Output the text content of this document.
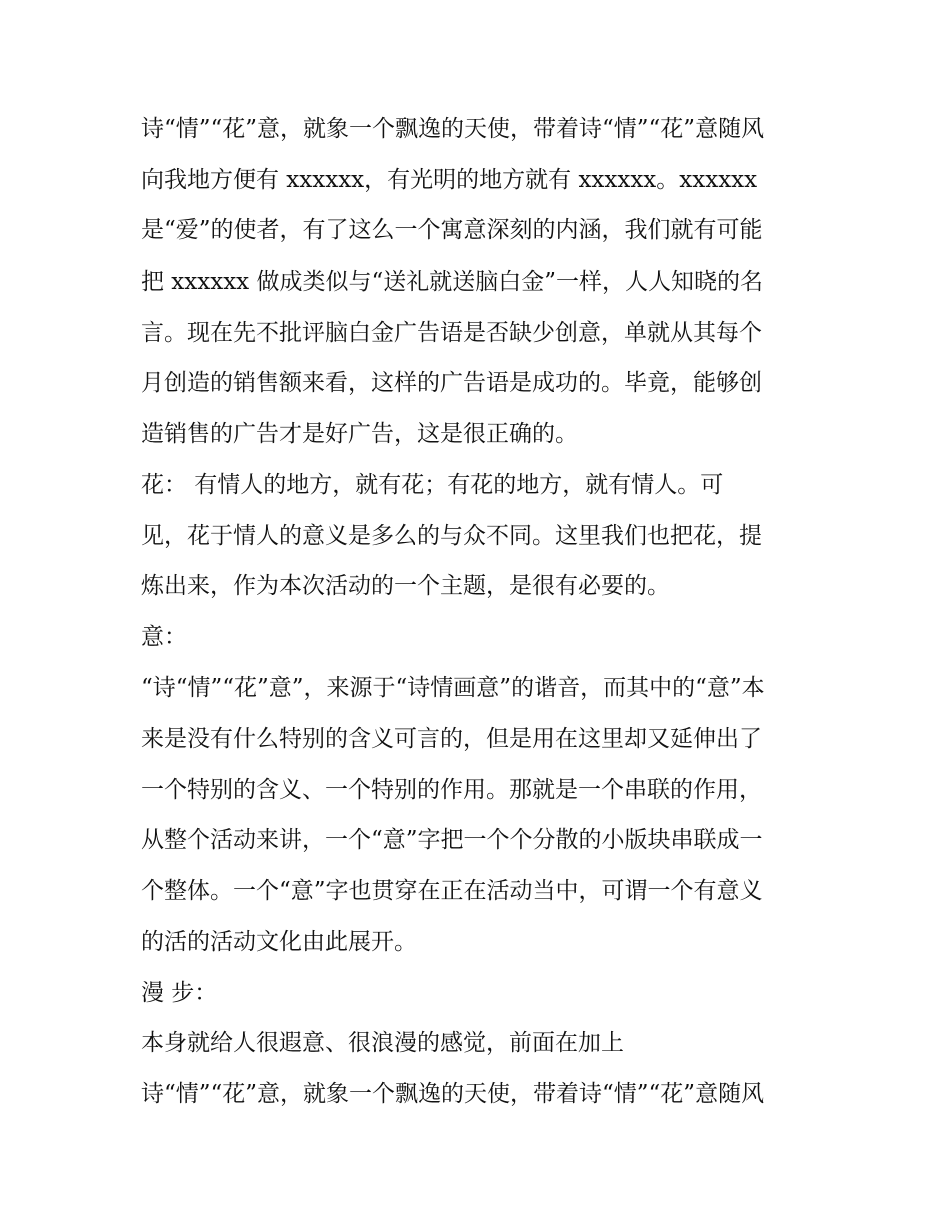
诗“情”“花”意，就象一个飘逸的天使，带着诗“情”“花”意随风
向我地方便有 xxxxxx，有光明的地方就有 xxxxxx。xxxxxx
是“爱”的使者，有了这么一个寓意深刻的内涵，我们就有可能
把 xxxxxx 做成类似与“送礼就送脑白金”一样，人人知晓的名
言。现在先不批评脑白金广告语是否缺少创意，单就从其每个
月创造的销售额来看，这样的广告语是成功的。毕竟，能够创
造销售的广告才是好广告，这是很正确的。
花： 有情人的地方，就有花；有花的地方，就有情人。可
见，花于情人的意义是多么的与众不同。这里我们也把花，提
炼出来，作为本次活动的一个主题，是很有必要的。
意：
“诗“情”“花”意”，来源于“诗情画意”的谐音，而其中的“意”本
来是没有什么特别的含义可言的，但是用在这里却又延伸出了
一个特别的含义、一个特别的作用。那就是一个串联的作用，
从整个活动来讲，一个“意”字把一个个分散的小版块串联成一
个整体。一个“意”字也贯穿在正在活动当中，可谓一个有意义
的活的活动文化由此展开。
漫 步：
本身就给人很遐意、很浪漫的感觉，前面在加上
诗“情”“花”意，就象一个飘逸的天使，带着诗“情”“花”意随风
